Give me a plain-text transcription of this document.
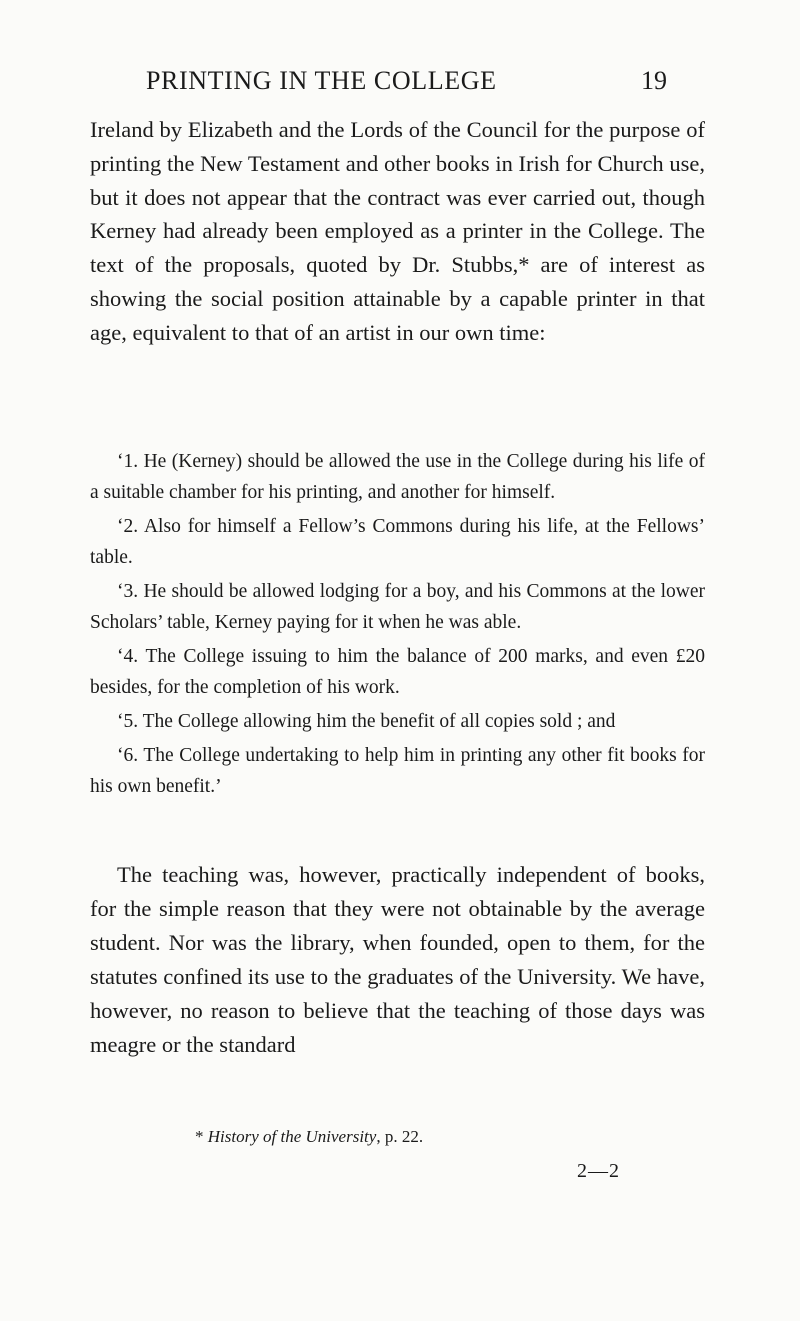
PRINTING IN THE COLLEGE	19

Ireland by Elizabeth and the Lords of the Council for the purpose of printing the New Testament and other books in Irish for Church use, but it does not appear that the contract was ever carried out, though Kerney had already been employed as a printer in the College. The text of the proposals, quoted by Dr. Stubbs,* are of interest as showing the social position attainable by a capable printer in that age, equivalent to that of an artist in our own time:

‘1. He (Kerney) should be allowed the use in the College during his life of a suitable chamber for his printing, and another for himself.

‘2. Also for himself a Fellow’s Commons during his life, at the Fellows’ table.

‘3. He should be allowed lodging for a boy, and his Commons at the lower Scholars’ table, Kerney paying for it when he was able.

‘4. The College issuing to him the balance of 200 marks, and even £20 besides, for the completion of his work.

‘5. The College allowing him the benefit of all copies sold ; and

‘6. The College undertaking to help him in printing any other fit books for his own benefit.’

The teaching was, however, practically independent of books, for the simple reason that they were not obtainable by the average student. Nor was the library, when founded, open to them, for the statutes confined its use to the graduates of the University. We have, however, no reason to believe that the teaching of those days was meagre or the standard

* History of the University, p. 22.
2—2
